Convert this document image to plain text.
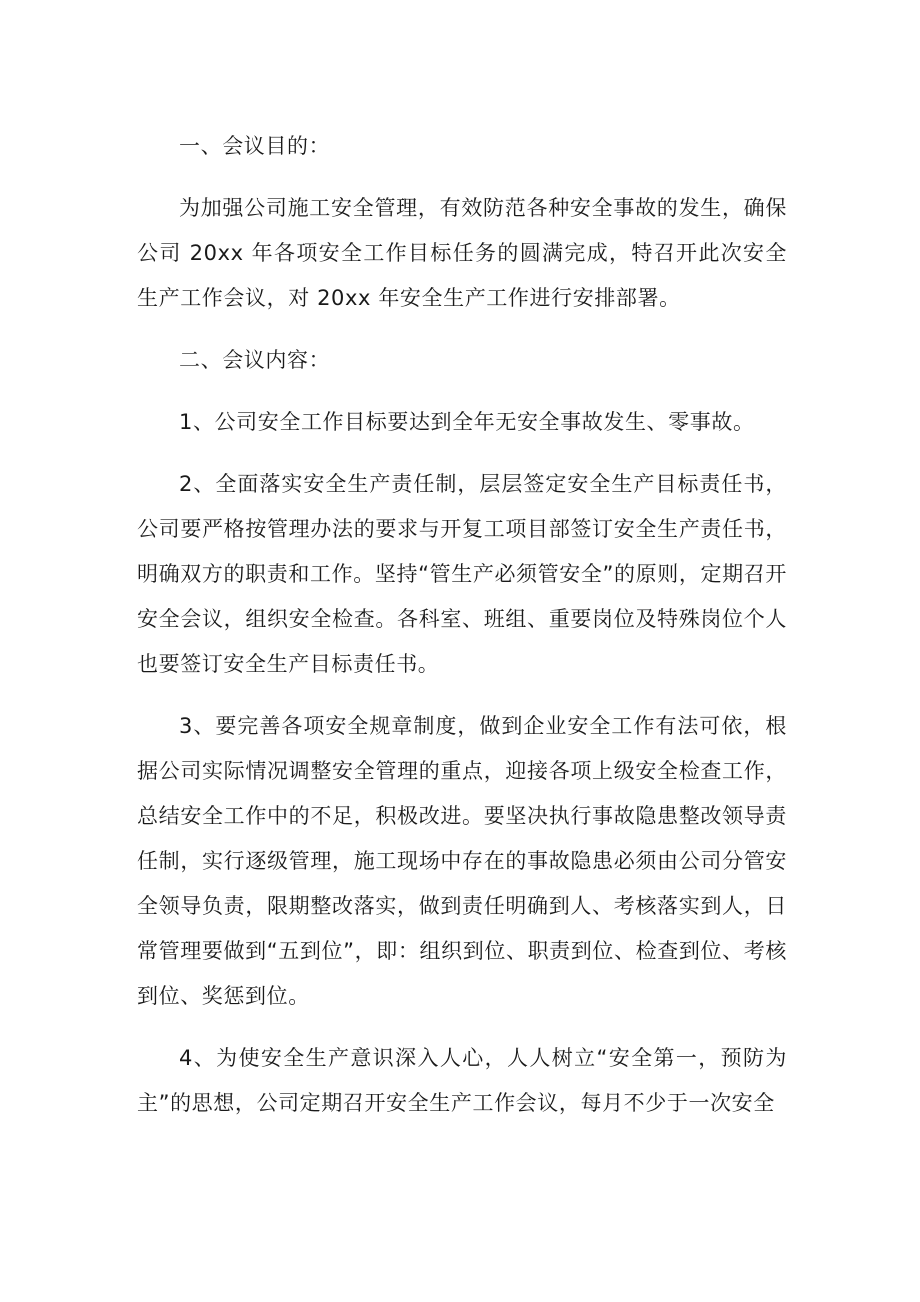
一、会议目的：

为加强公司施工安全管理，有效防范各种安全事故的发生，确保公司 20xx 年各项安全工作目标任务的圆满完成，特召开此次安全生产工作会议，对 20xx 年安全生产工作进行安排部署。

二、会议内容：

1、公司安全工作目标要达到全年无安全事故发生、零事故。

2、全面落实安全生产责任制，层层签定安全生产目标责任书，公司要严格按管理办法的要求与开复工项目部签订安全生产责任书，明确双方的职责和工作。坚持“管生产必须管安全”的原则，定期召开安全会议，组织安全检查。各科室、班组、重要岗位及特殊岗位个人也要签订安全生产目标责任书。

3、要完善各项安全规章制度，做到企业安全工作有法可依，根据公司实际情况调整安全管理的重点，迎接各项上级安全检查工作，总结安全工作中的不足，积极改进。要坚决执行事故隐患整改领导责任制，实行逐级管理，施工现场中存在的事故隐患必须由公司分管安全领导负责，限期整改落实，做到责任明确到人、考核落实到人，日常管理要做到“五到位”，即：组织到位、职责到位、检查到位、考核到位、奖惩到位。

4、为使安全生产意识深入人心，人人树立“安全第一，预防为主”的思想，公司定期召开安全生产工作会议，每月不少于一次安全
